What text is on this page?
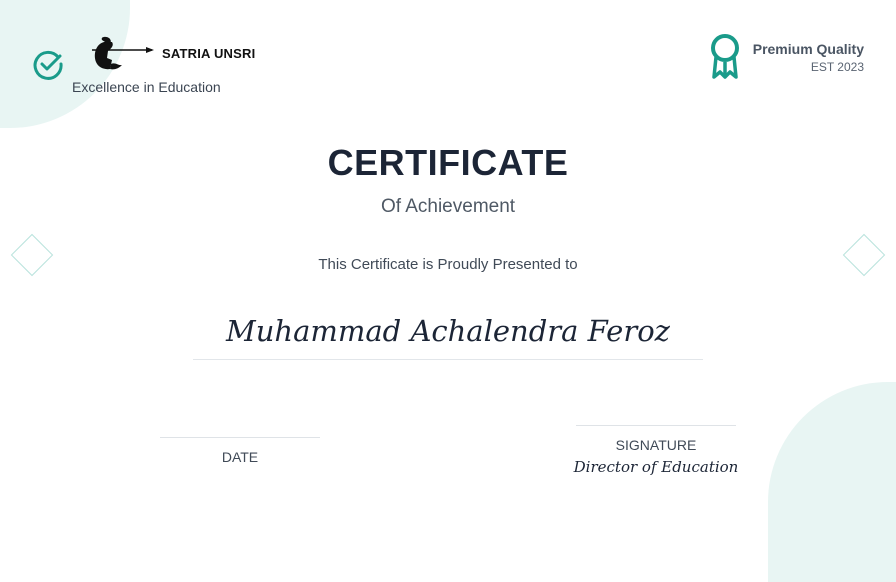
SATRIA UNSRI
Excellence in Education
Premium Quality
EST 2023
CERTIFICATE
Of Achievement
This Certificate is Proudly Presented to
Muhammad Achalendra Feroz
DATE
SIGNATURE
Director of Education
